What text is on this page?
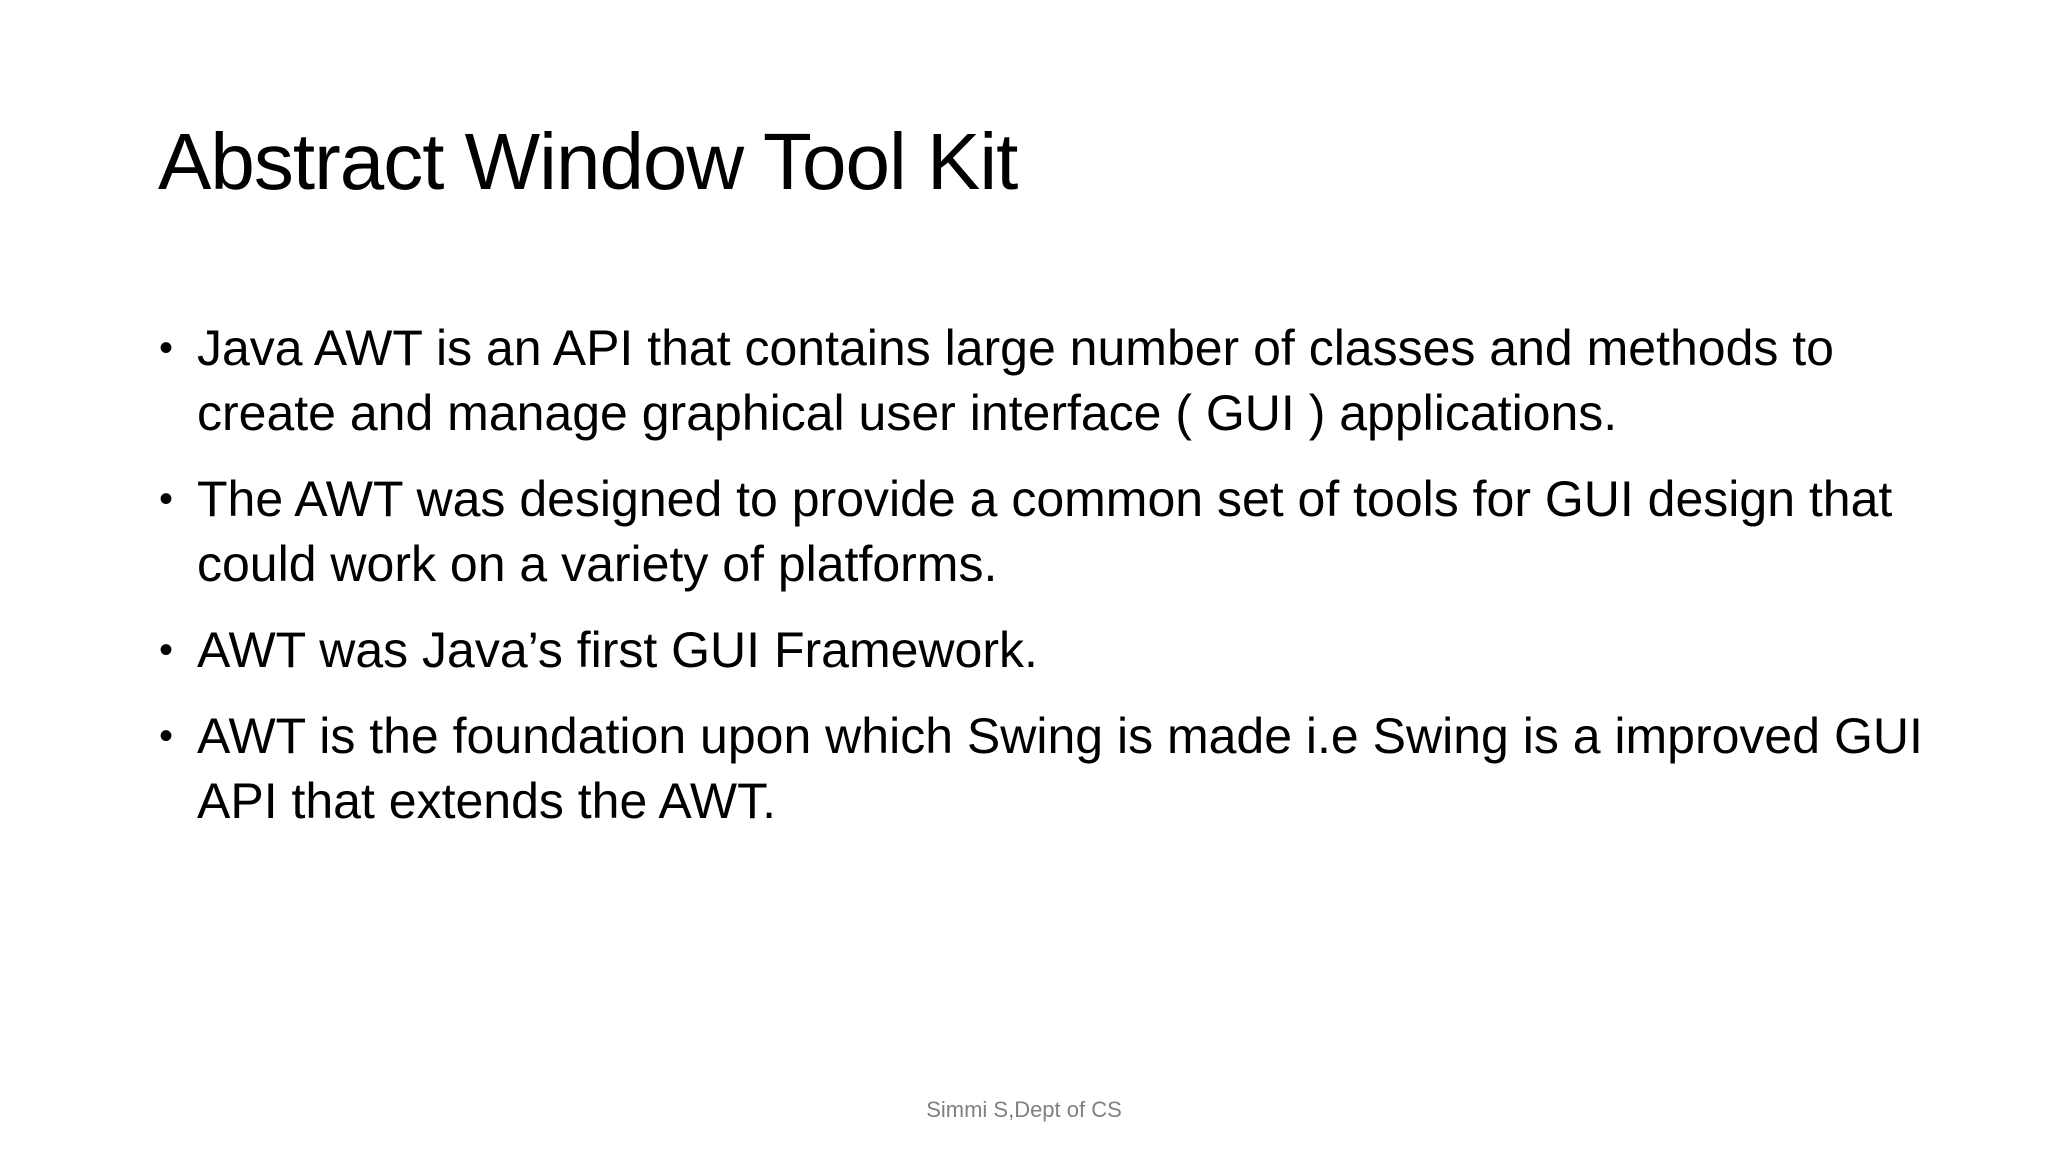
Abstract Window Tool Kit
• Java AWT is an API that contains large number of classes and methods to create and manage graphical user interface ( GUI ) applications.
• The AWT was designed to provide a common set of tools for GUI design that could work on a variety of platforms.
• AWT was Java’s first GUI Framework.
• AWT is the foundation upon which Swing is made i.e Swing is a improved GUI API that extends the AWT.
Simmi S,Dept of CS
